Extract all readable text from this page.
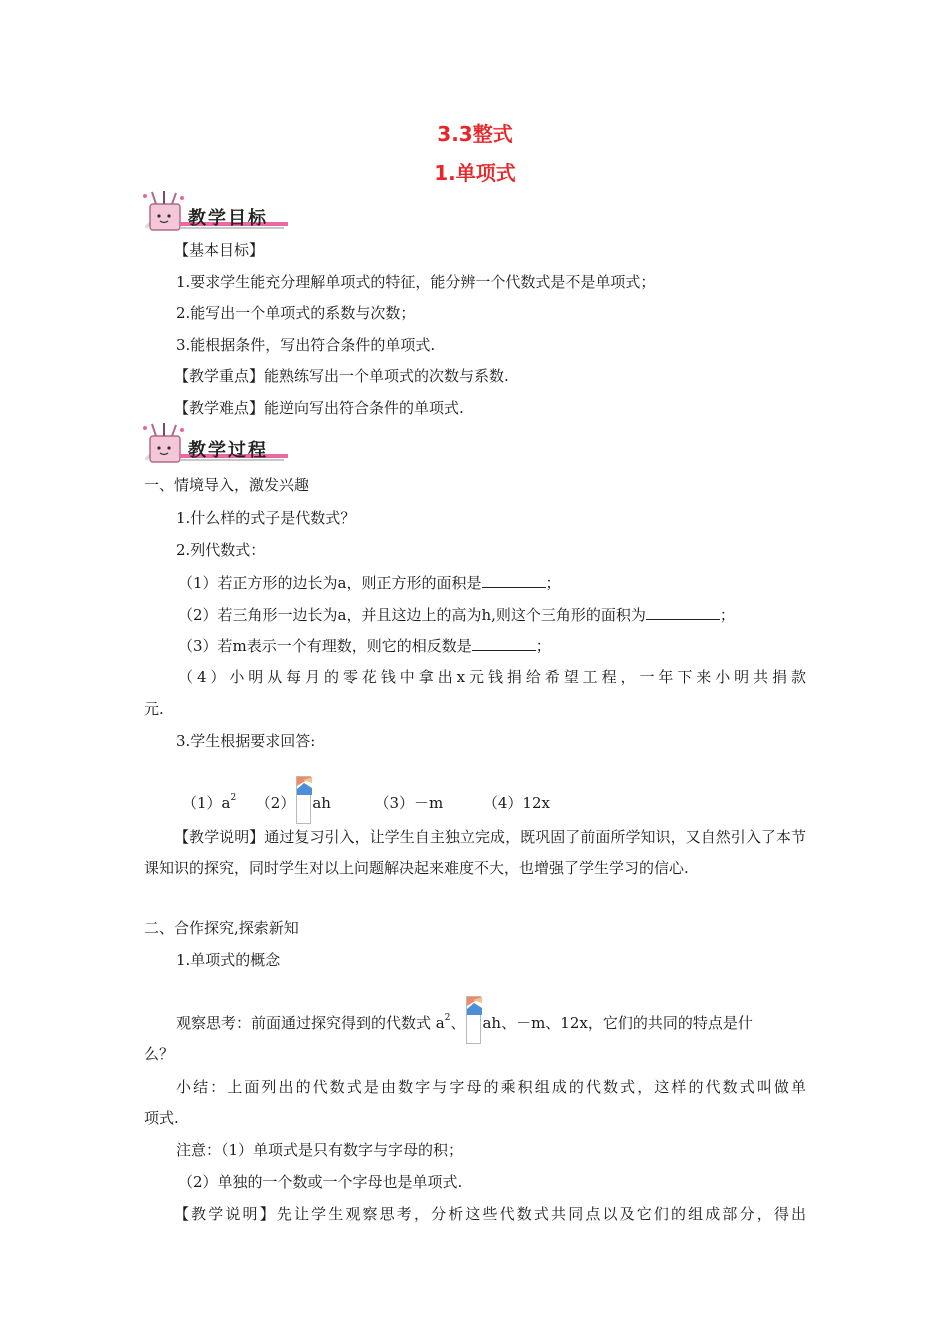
3.3整式
1.单项式
教学目标
【基本目标】
1.要求学生能充分理解单项式的特征，能分辨一个代数式是不是单项式；
2.能写出一个单项式的系数与次数；
3.能根据条件，写出符合条件的单项式.
【教学重点】能熟练写出一个单项式的次数与系数.
【教学难点】能逆向写出符合条件的单项式.
教学过程
一、情境导入，激发兴趣
1.什么样的式子是代数式？
2.列代数式：
（1）若正方形的边长为a，则正方形的面积是	；
（2）若三角形一边长为a，并且这边上的高为h,则这个三角形的面积为	；
（3）若m表示一个有理数，则它的相反数是	；
（4）小明从每月的零花钱中拿出x元钱捐给希望工程，一年下来小明共捐款
元.
3.学生根据要求回答:
$(1)a^2$ （2） ah	（3）－m	（4）12x
【教学说明】通过复习引入，让学生自主独立完成，既巩固了前面所学知识，又自然引入了本节课知识的探究，同时学生对以上问题解决起来难度不大，也增强了学生学习的信心.
二、合作探究,探索新知
1.单项式的概念
观察思考：前面通过探究得到的代数式 $a^2$、 ah、－m、12x，它们的共同的特点是什
么？
小结：上面列出的代数式是由数字与字母的乘积组成的代数式，这样的代数式叫做单
项式.
注意：（1）单项式是只有数字与字母的积；
（2）单独的一个数或一个字母也是单项式.
【教学说明】先让学生观察思考，分析这些代数式共同点以及它们的组成部分，得出
